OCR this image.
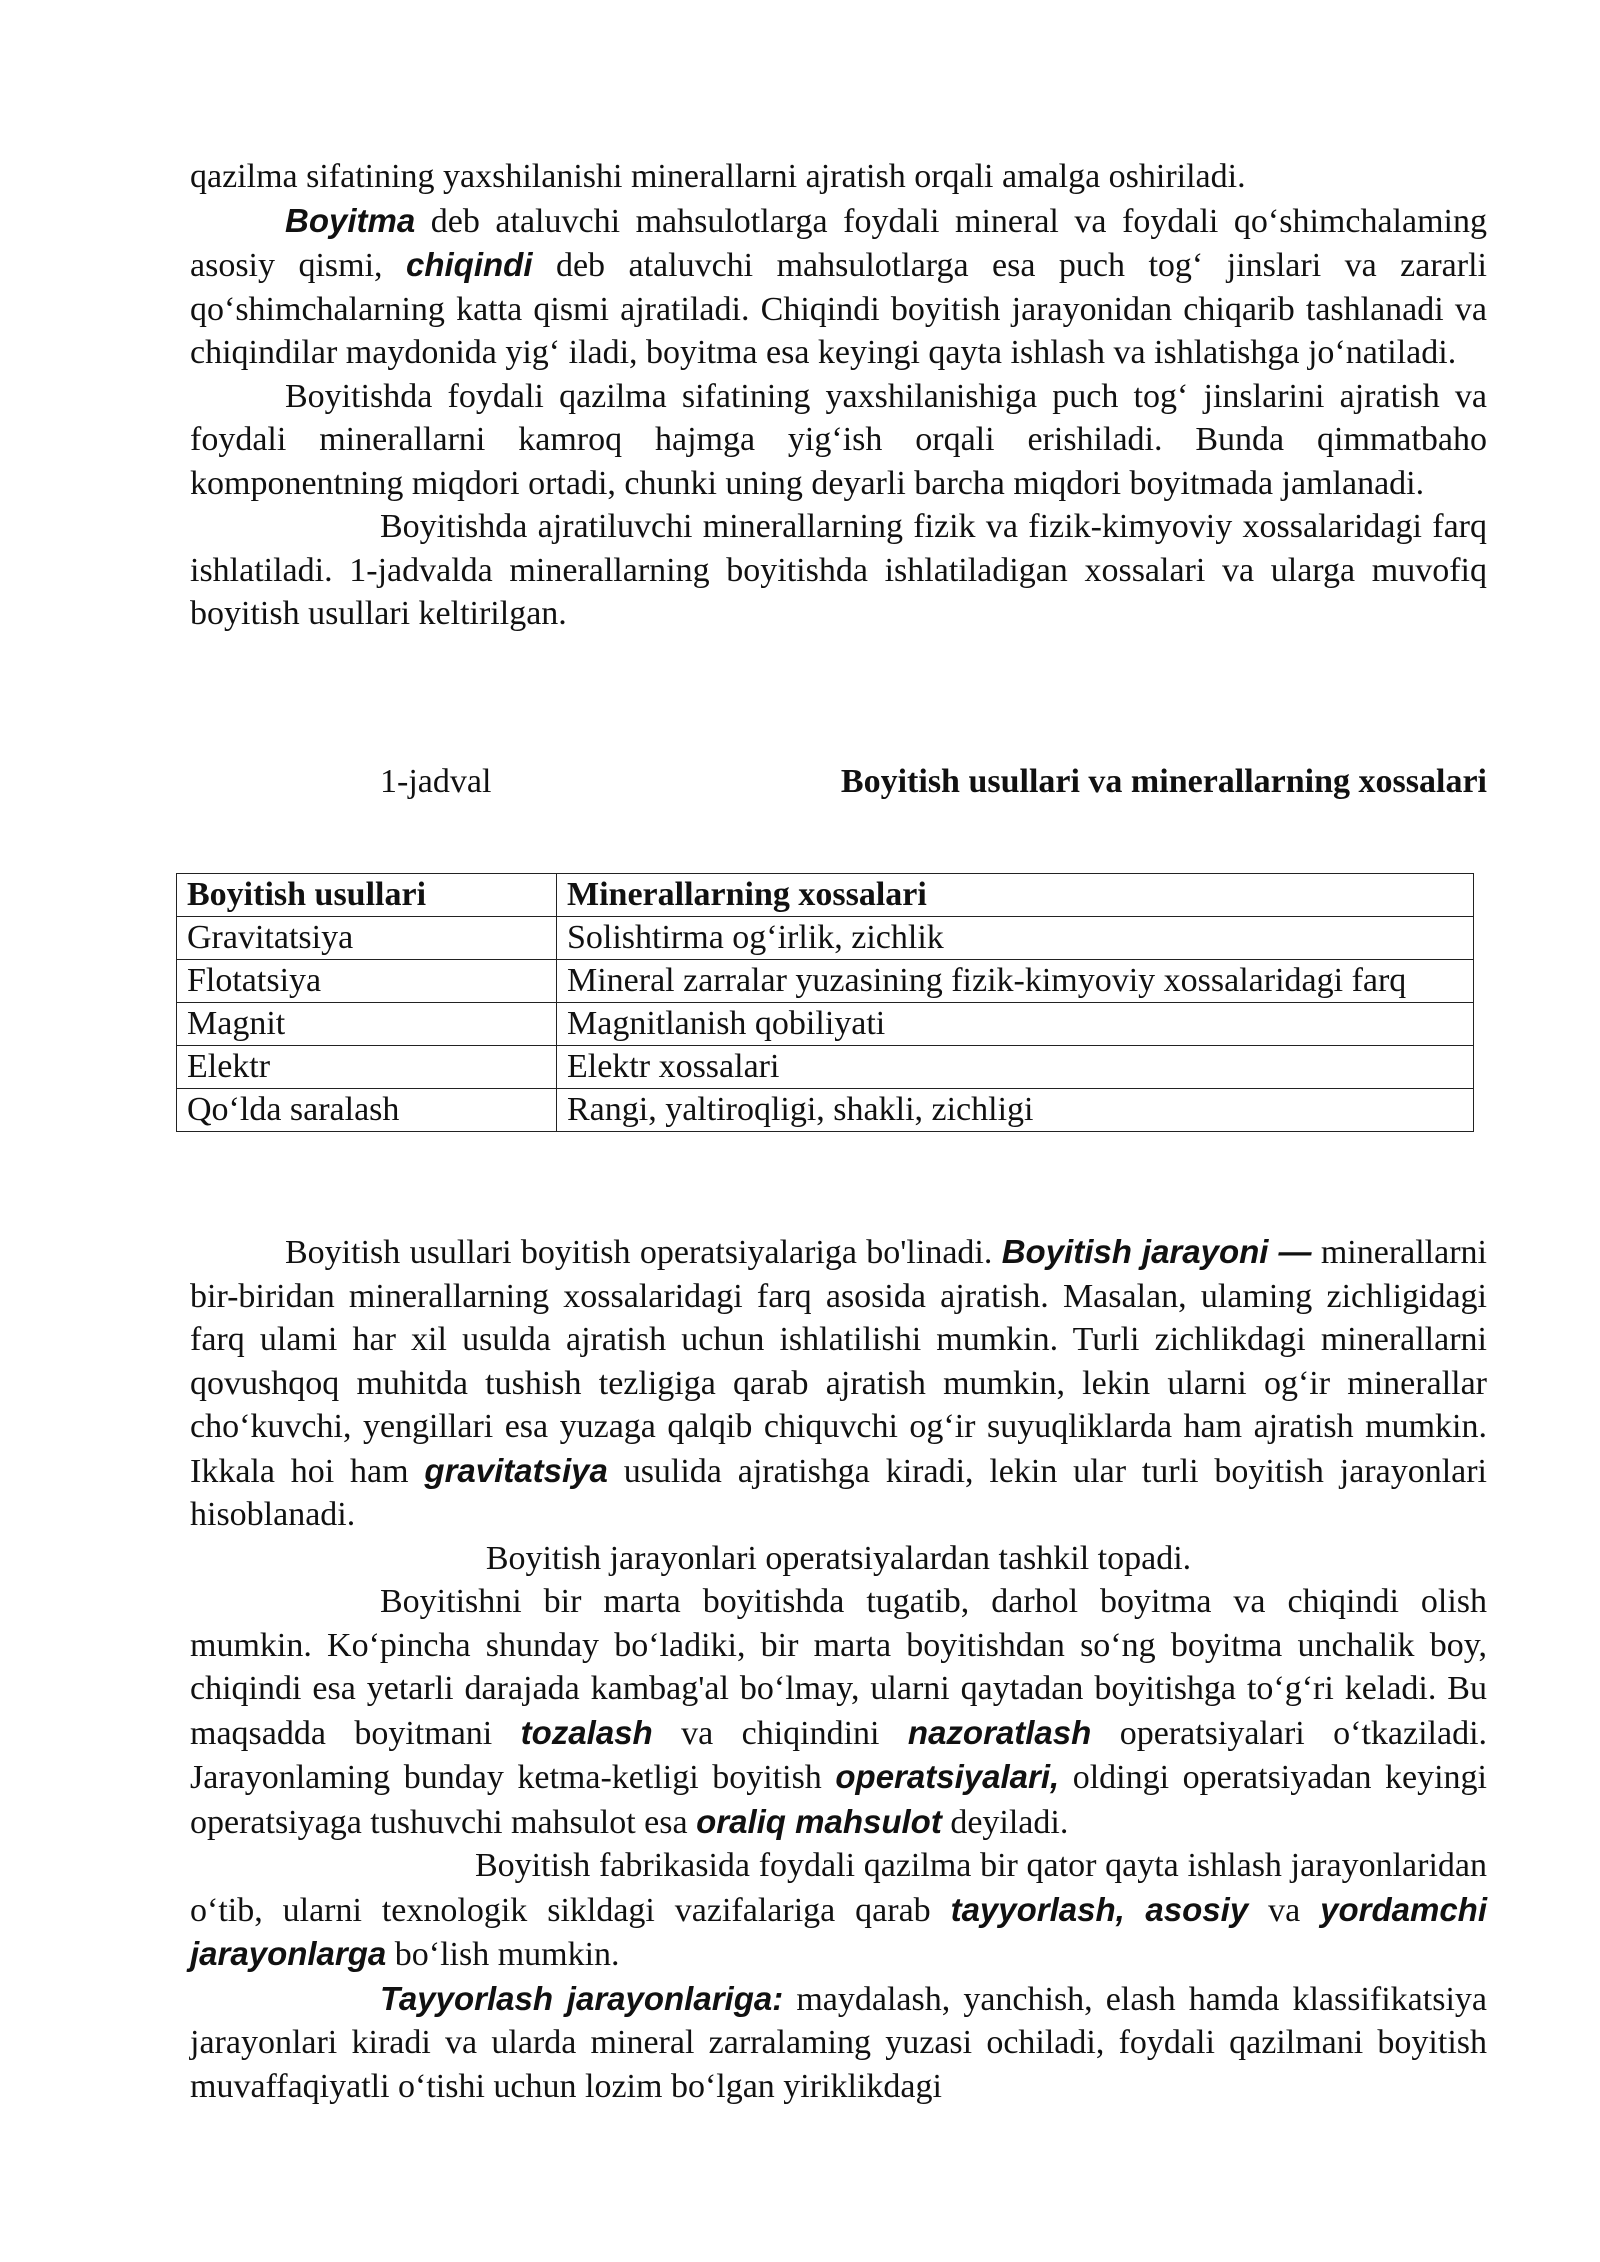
qazilma sifatining yaxshilanishi minerallarni ajratish orqali amalga oshiriladi.

Boyitma deb ataluvchi mahsulotlarga foydali mineral va foydali qo‘shimchalaming asosiy qismi, chiqindi deb ataluvchi mahsulotlarga esa puch tog‘ jinslari va zararli qo‘shimchalarning katta qismi ajratiladi. Chiqindi boyitish jarayonidan chiqarib tashlanadi va chiqindilar maydonida yig‘ iladi, boyitma esa keyingi qayta ishlash va ishlatishga jo‘natiladi.

Boyitishda foydali qazilma sifatining yaxshilanishiga puch tog‘ jinslarini ajratish va foydali minerallarni kamroq hajmga yig‘ish orqali erishiladi. Bunda qimmatbaho komponentning miqdori ortadi, chunki uning deyarli barcha miqdori boyitmada jamlanadi.

Boyitishda ajratiluvchi minerallarning fizik va fizik-kimyoviy xossalaridagi farq ishlatiladi. 1-jadvalda minerallarning boyitishda ishlatiladigan xossalari va ularga muvofiq boyitish usullari keltirilgan.

1-jadval	Boyitish usullari va minerallarning xossalari
Boyitish usullari	Minerallarning xossalari
Gravitatsiya	Solishtirma og‘irlik, zichlik
Flotatsiya	Mineral zarralar yuzasining fizik-kimyoviy xossalaridagi farq
Magnit	Magnitlanish qobiliyati
Elektr	Elektr xossalari
Qo‘lda saralash	Rangi, yaltiroqligi, shakli, zichligi

Boyitish usullari boyitish operatsiyalariga bo'linadi. Boyitish jarayoni — minerallarni bir-biridan minerallarning xossalaridagi farq asosida ajratish. Masalan, ulaming zichligidagi farq ulami har xil usulda ajratish uchun ishlatilishi mumkin. Turli zichlikdagi minerallarni qovushqoq muhitda tushish tezligiga qarab ajratish mumkin, lekin ularni og‘ir minerallar cho‘kuvchi, yengillari esa yuzaga qalqib chiquvchi og‘ir suyuqliklarda ham ajratish mumkin. Ikkala hoi ham gravitatsiya usulida ajratishga kiradi, lekin ular turli boyitish jarayonlari hisoblanadi.

Boyitish jarayonlari operatsiyalardan tashkil topadi.

Boyitishni bir marta boyitishda tugatib, darhol boyitma va chiqindi olish mumkin. Ko‘pincha shunday bo‘ladiki, bir marta boyitishdan so‘ng boyitma unchalik boy, chiqindi esa yetarli darajada kambag'al bo‘lmay, ularni qaytadan boyitishga to‘g‘ri keladi. Bu maqsadda boyitmani tozalash va chiqindini nazoratlash operatsiyalari o‘tkaziladi. Jarayonlaming bunday ketma-ketligi boyitish operatsiyalari, oldingi operatsiyadan keyingi operatsiyaga tushuvchi mahsulot esa oraliq mahsulot deyiladi.

Boyitish fabrikasida foydali qazilma bir qator qayta ishlash jarayonlaridan o‘tib, ularni texnologik sikldagi vazifalariga qarab tayyorlash, asosiy va yordamchi jarayonlarga bo‘lish mumkin.

Tayyorlash jarayonlariga: maydalash, yanchish, elash hamda klassifikatsiya jarayonlari kiradi va ularda mineral zarralaming yuzasi ochiladi, foydali qazilmani boyitish muvaffaqiyatli o‘tishi uchun lozim bo‘lgan yiriklikdagi
